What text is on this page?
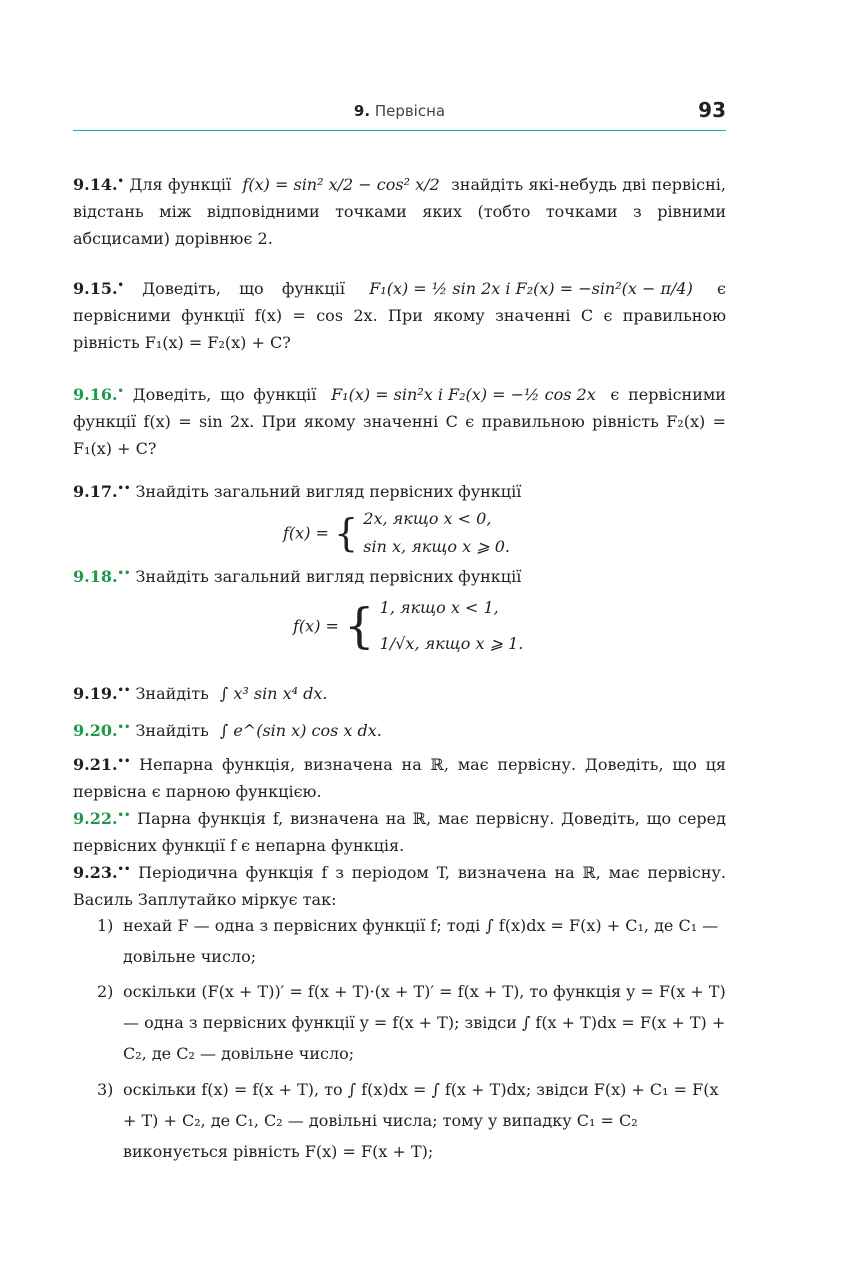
9. Первісна	93
9.14.• Для функції f(x) = sin² x/2 − cos² x/2 знайдіть які-небудь дві первісні, відстань між відповідними точками яких (тобто точками з рівними абсцисами) дорівнює 2.
9.15.• Доведіть, що функції F₁(x) = ½ sin 2x і F₂(x) = −sin²(x − π/4) є первісними функції f(x) = cos 2x. При якому значенні C є правильною рівність F₁(x) = F₂(x) + C?
9.16.• Доведіть, що функції F₁(x) = sin²x і F₂(x) = −½ cos 2x є первісними функції f(x) = sin 2x. При якому значенні C є правильною рівність F₂(x) = F₁(x) + C?
9.17.•• Знайдіть загальний вигляд первісних функції
f(x) = { 2x, якщо x < 0,
sin x, якщо x ⩾ 0.
9.18.•• Знайдіть загальний вигляд первісних функції
f(x) = { 1, якщо x < 1,
1/√x, якщо x ⩾ 1.
9.19.•• Знайдіть ∫ x³ sin x⁴ dx.
9.20.•• Знайдіть ∫ e^(sin x) cos x dx.
9.21.•• Непарна функція, визначена на ℝ, має первісну. Доведіть, що ця первісна є парною функцією.
9.22.•• Парна функція f, визначена на ℝ, має первісну. Доведіть, що серед первісних функції f є непарна функція.
9.23.•• Періодична функція f з періодом T, визначена на ℝ, має первісну. Василь Заплутайко міркує так:
1) нехай F — одна з первісних функції f; тоді ∫ f(x)dx = F(x) + C₁, де C₁ — довільне число;
2) оскільки (F(x + T))′ = f(x + T)·(x + T)′ = f(x + T), то функція y = F(x + T) — одна з первісних функції y = f(x + T); звідси ∫ f(x + T)dx = F(x + T) + C₂, де C₂ — довільне число;
3) оскільки f(x) = f(x + T), то ∫ f(x)dx = ∫ f(x + T)dx; звідси F(x) + C₁ = F(x + T) + C₂, де C₁, C₂ — довільні числа; тому у випадку C₁ = C₂ виконується рівність F(x) = F(x + T);
